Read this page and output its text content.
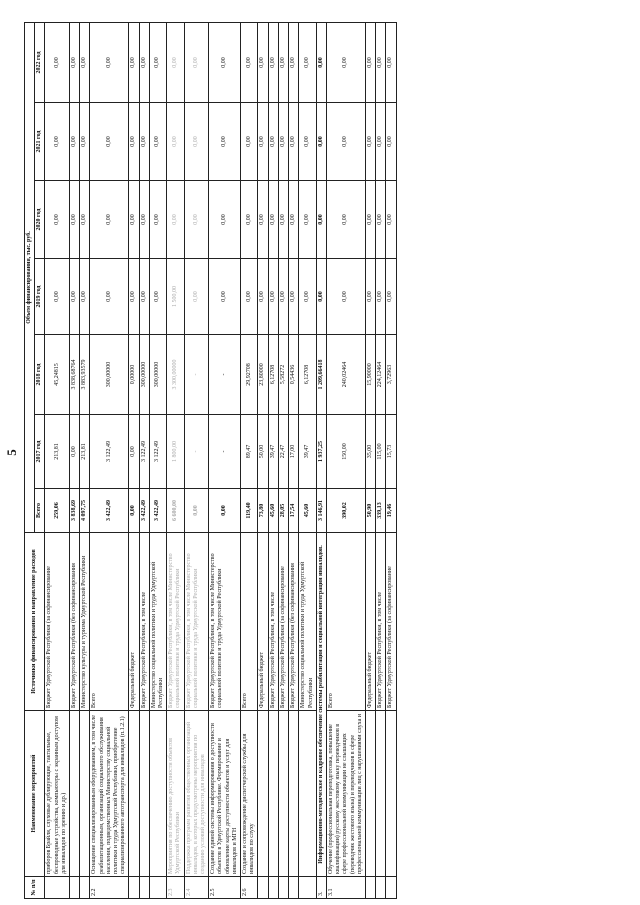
5
№ п/п	Наименование мероприятий	Источники финансирования и направление расходов	Объем финансирования, тыс. руб.						
			Всего	2017 год	2018 год	2019 год	2020 год	2021 год	2022 год
	приборов Брайля, слуховые дублирующие, тактильные, беспроводные устройства, компьютеры с экранным доступом для инвалидов по зрению и др.)	Бюджет Удмуртской Республики (за софинансирование	259,06	213,81	45,24815	0,00	0,00	0,00	0,00
		Бюджет Удмуртской Республики (без софинансирования	3 838,69	0,00	3 838,68764	0,00	0,00	0,00	0,00
		Министерство культуры и туризма Удмуртской Республики	4 097,75	213,81	3 883,93579	0,00	0,00	0,00	0,00
2.2	Оснащение специализированным оборудованием, в том числе реабилитационным, организаций социального обслуживания населения, подведомственных Министерству социальной политики и труда Удмуртской Республики, приобретение специализированного автотранспорта для инвалидов (п.1.2.1)	Всего	3 422,49	3 122,49	300,00000	0,00	0,00	0,00	0,00
		Федеральный бюджет	0,00	0,00	0,00000	0,00	0,00	0,00	0,00
		Бюджет Удмуртской Республики, в том числе	3 422,49	3 122,49	300,00000	0,00	0,00	0,00	0,00
		Министерство социальной политики и труда Удмуртской Республики	3 422,49	3 122,49	300,00000	0,00	0,00	0,00	0,00
2.3	Мероприятия по обеспечению доступности объектов Удмуртской Республики	Бюджет Удмуртской Республики, в том числе Министерство социальной политики и труда Удмуртской Республики	6 600,00	1 800,00	3 300,00000	1 500,00	0,00	0,00	0,00
2.4	Поддержка программ развития общественных организаций инвалидов, в которых предусмотрены мероприятия по созданию условий доступности для инвалидов	Бюджет Удмуртской Республики, в том числе Министерство социальной политики и труда Удмуртской Республики	0,00	-	-	0,00	0,00	0,00	0,00
2.5	Создание единой системы информирования о доступности объектов в Удмуртской Республике. Формирование и обновление карты доступности объектов и услуг для инвалидов и МГН	Бюджет Удмуртской Республики, в том числе Министерство социальной политики и труда Удмуртской Республики	0,00	-	-	0,00	0,00	0,00	0,00
2.6	Создание и сопровождение диспетчерской службы для инвалидов по слуху	Всего	119,40	89,47	29,92708	0,00	0,00	0,00	0,00
		Федеральный бюджет	73,80	50,00	23,80000	0,00	0,00	0,00	0,00
		Бюджет Удмуртской Республики, в том числе	45,60	39,47	6,12708	0,00	0,00	0,00	0,00
		Бюджет Удмуртской Республики (за софинансирование	28,05	22,47	5,58272	0,00	0,00	0,00	0,00
		Бюджет Удмуртской Республики (без софинансирования	17,54	17,00	0,54436	0,00	0,00	0,00	0,00
		Министерство социальной политики и труда Удмуртской Республики	45,60	39,47	6,12708	0,00	0,00	0,00	0,00
3.	Информационно-методическое и кадровое обеспечение системы реабилитации и социальной интеграции инвалидов.		3 146,91	1 937,25	1 209,66418	0,00	0,00	0,00	0,00
3.1	Обучение (профессиональная переподготовка, повышение квалификации) русскому жестовому языку переводчиков в сфере профессиональной коммуникации не слышащих (переводчик жестового языка) и переводчиков в сфере профессиональной коммуникации лиц с нарушениями слуха и	Всего	390,02	150,00	240,02464	0,00	0,00	0,00	0,00
		Федеральный бюджет	50,90	35,00	15,90000	0,00	0,00	0,00	0,00
		Бюджет Удмуртской Республики, в том числе	339,13	115,00	224,12464	0,00	0,00	0,00	0,00
		Бюджет Удмуртской Республики (за софинансирование	19,46	15,73	3,72963	0,00	0,00	0,00	0,00
